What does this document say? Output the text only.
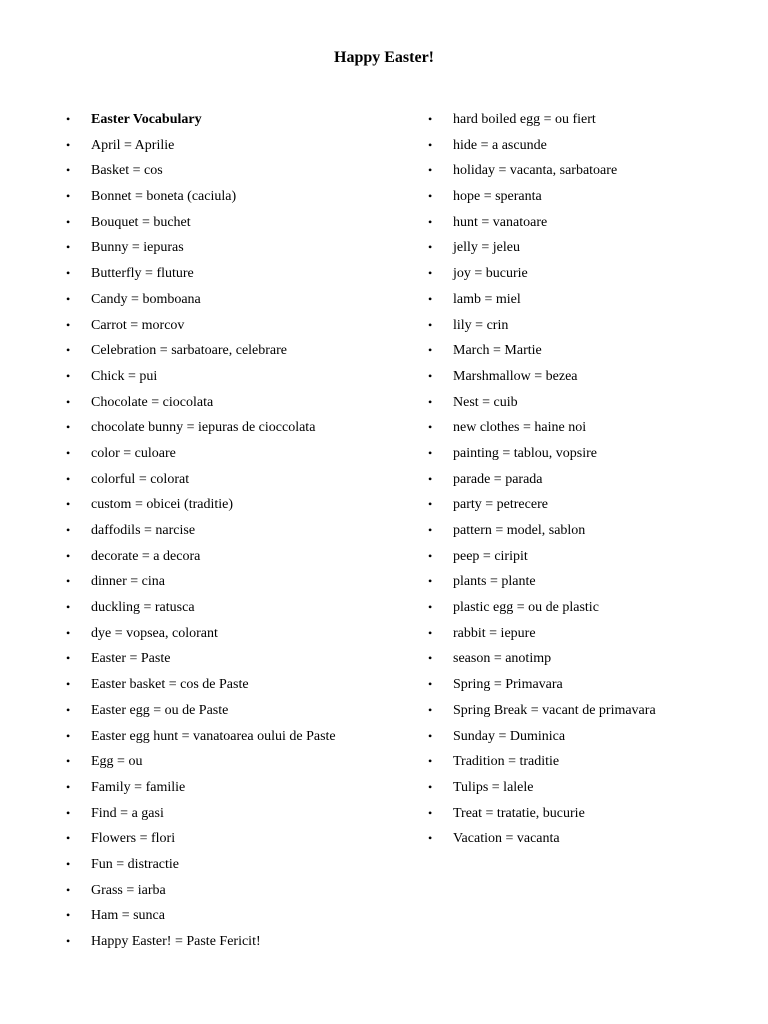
Happy Easter!
• Easter Vocabulary
• April = Aprilie
• Basket = cos
• Bonnet = boneta (caciula)
• Bouquet = buchet
• Bunny = iepuras
• Butterfly = fluture
• Candy = bomboana
• Carrot = morcov
• Celebration = sarbatoare, celebrare
• Chick = pui
• Chocolate = ciocolata
• chocolate bunny = iepuras de cioccolata
• color = culoare
• colorful = colorat
• custom = obicei (traditie)
• daffodils = narcise
• decorate = a decora
• dinner = cina
• duckling = ratusca
• dye = vopsea, colorant
• Easter = Paste
• Easter basket = cos de Paste
• Easter egg = ou de Paste
• Easter egg hunt = vanatoarea oului de Paste
• Egg = ou
• Family = familie
• Find = a gasi
• Flowers = flori
• Fun = distractie
• Grass = iarba
• Ham = sunca
• Happy Easter! = Paste Fericit!
• hard boiled egg = ou fiert
• hide = a ascunde
• holiday = vacanta, sarbatoare
• hope = speranta
• hunt = vanatoare
• jelly = jeleu
• joy = bucurie
• lamb = miel
• lily = crin
• March = Martie
• Marshmallow = bezea
• Nest = cuib
• new clothes = haine noi
• painting = tablou, vopsire
• parade = parada
• party = petrecere
• pattern = model, sablon
• peep = ciripit
• plants = plante
• plastic egg = ou de plastic
• rabbit = iepure
• season = anotimp
• Spring = Primavara
• Spring Break = vacant de primavara
• Sunday = Duminica
• Tradition = traditie
• Tulips = lalele
• Treat = tratatie, bucurie
• Vacation = vacanta
